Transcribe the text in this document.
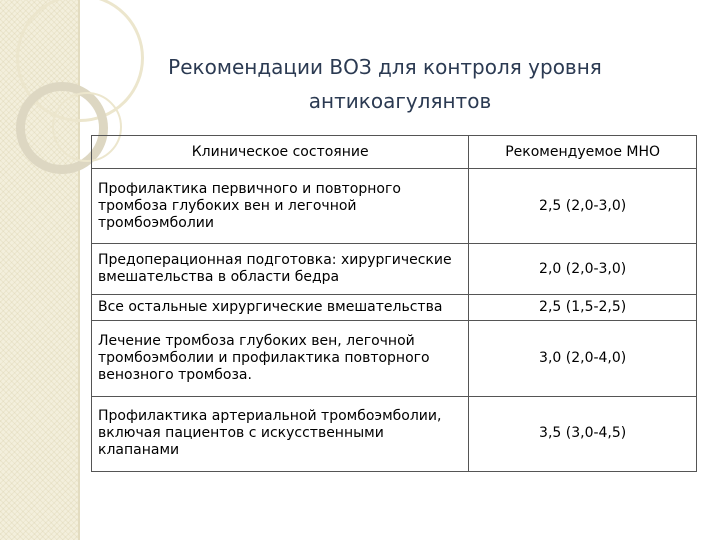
Рекомендации ВОЗ для контроля уровня
антикоагулянтов
Клиническое состояние	Рекомендуемое МНО
Профилактика первичного и повторного тромбоза глубоких вен и легочной тромбоэмболии	2,5 (2,0-3,0)
Предоперационная подготовка: хирургические вмешательства в области бедра	2,0 (2,0-3,0)
Все остальные хирургические вмешательства	2,5 (1,5-2,5)
Лечение тромбоза глубоких вен, легочной тромбоэмболии и профилактика повторного венозного тромбоза.	3,0 (2,0-4,0)
Профилактика артериальной тромбоэмболии, включая пациентов с искусственными клапанами	3,5 (3,0-4,5)
